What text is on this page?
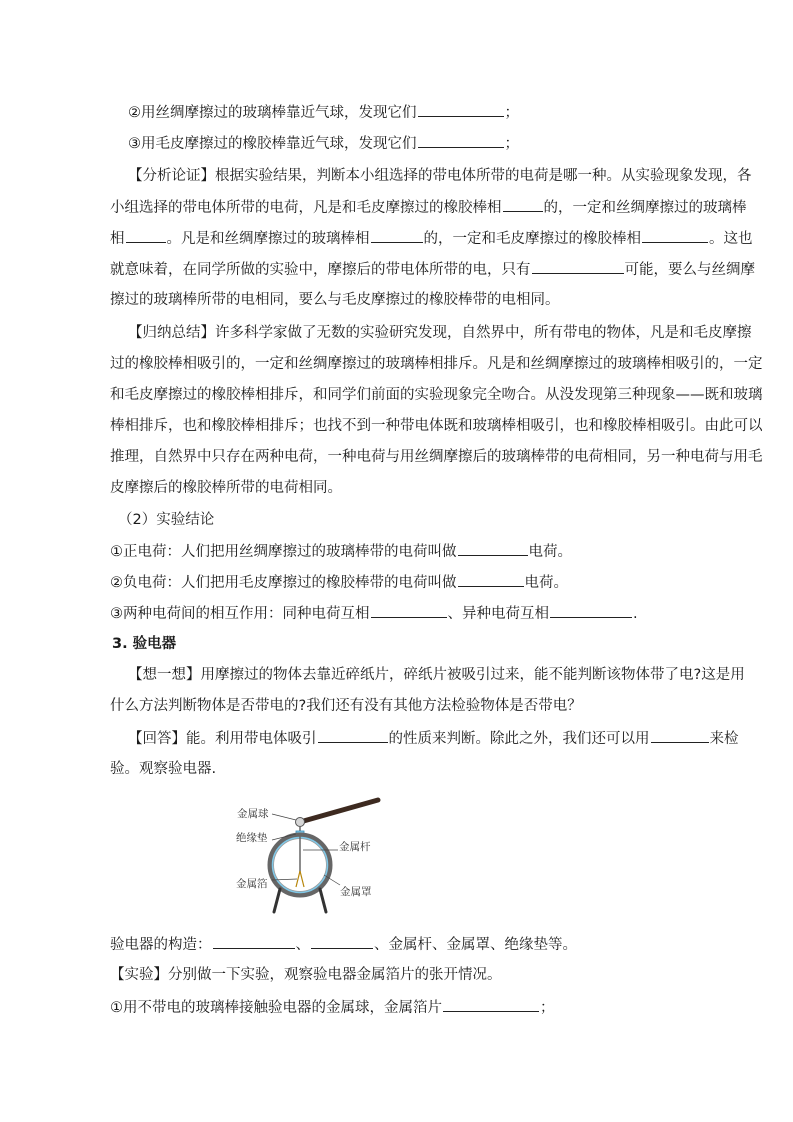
②用丝绸摩擦过的玻璃棒靠近气球，发现它们	；
③用毛皮摩擦过的橡胶棒靠近气球，发现它们	；
【分析论证】根据实验结果，判断本小组选择的带电体所带的电荷是哪一种。从实验现象发现，各
小组选择的带电体所带的电荷，凡是和毛皮摩擦过的橡胶棒相	的，一定和丝绸摩擦过的玻璃棒
相	。凡是和丝绸摩擦过的玻璃棒相	的，一定和毛皮摩擦过的橡胶棒相	。这也
就意味着，在同学所做的实验中，摩擦后的带电体所带的电，只有	可能，要么与丝绸摩
擦过的玻璃棒所带的电相同，要么与毛皮摩擦过的橡胶棒带的电相同。
【归纳总结】许多科学家做了无数的实验研究发现，自然界中，所有带电的物体，凡是和毛皮摩擦
过的橡胶棒相吸引的，一定和丝绸摩擦过的玻璃棒相排斥。凡是和丝绸摩擦过的玻璃棒相吸引的，一定
和毛皮摩擦过的橡胶棒相排斥，和同学们前面的实验现象完全吻合。从没发现第三种现象——既和玻璃
棒相排斥，也和橡胶棒相排斥；也找不到一种带电体既和玻璃棒相吸引，也和橡胶棒相吸引。由此可以
推理，自然界中只存在两种电荷，一种电荷与用丝绸摩擦后的玻璃棒带的电荷相同，另一种电荷与用毛
皮摩擦后的橡胶棒所带的电荷相同。
（2）实验结论
①正电荷：人们把用丝绸摩擦过的玻璃棒带的电荷叫做	电荷。
②负电荷：人们把用毛皮摩擦过的橡胶棒带的电荷叫做	电荷。
③两种电荷间的相互作用：同种电荷互相	、异种电荷互相	.
3. 验电器
【想一想】用摩擦过的物体去靠近碎纸片，碎纸片被吸引过来，能不能判断该物体带了电?这是用
什么方法判断物体是否带电的?我们还有没有其他方法检验物体是否带电？
【回答】能。利用带电体吸引	的性质来判断。除此之外，我们还可以用	来检
验。观察验电器.
金属球
绝缘垫
金属杆
金属箔
金属罩
验电器的构造：	、	、金属杆、金属罩、绝缘垫等。
【实验】分别做一下实验，观察验电器金属箔片的张开情况。
①用不带电的玻璃棒接触验电器的金属球，金属箔片	；
